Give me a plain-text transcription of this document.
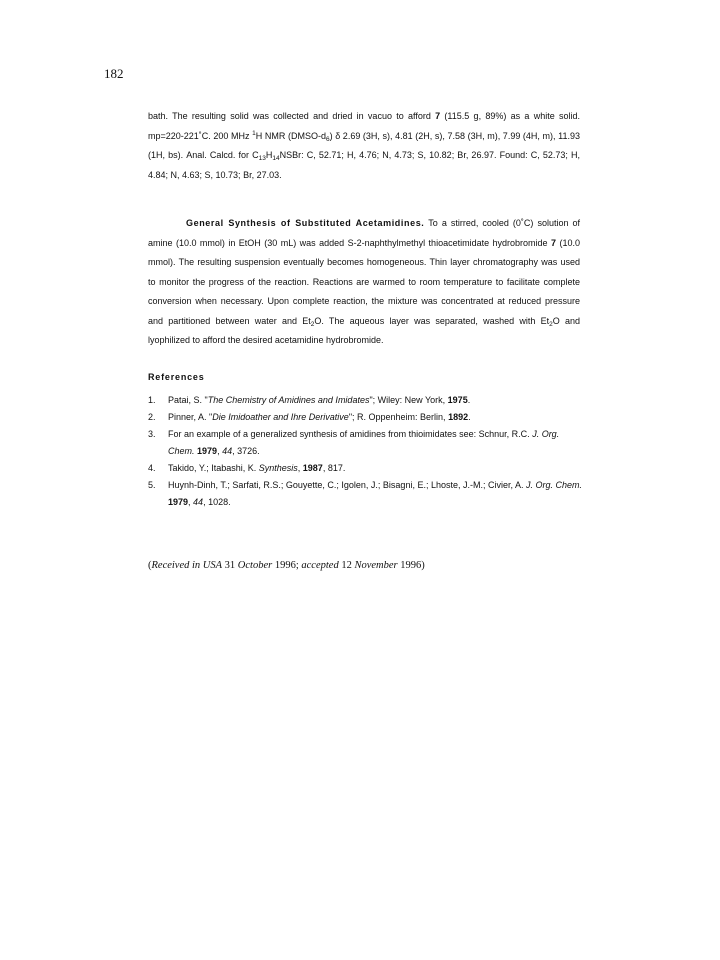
182

bath. The resulting solid was collected and dried in vacuo to afford 7 (115.5 g, 89%) as a white solid. mp=220-221˚C. 200 MHz $^1$H NMR $(DMSO-d_6)$ δ 2.69 (3H, s), 4.81 (2H, s), 7.58 (3H, m), 7.99 (4H, m), 11.93 (1H, bs). Anal. Calcd. for $C_{13}H_{14}NSBr$: C, 52.71; H, 4.76; N, 4.73; S, 10.82; Br, 26.97. Found: C, 52.73; H, 4.84; N, 4.63; S, 10.73; Br, 27.03.

General Synthesis of Substituted Acetamidines. To a stirred, cooled (0˚C) solution of amine (10.0 mmol) in EtOH (30 mL) was added S-2-naphthylmethyl thioacetimidate hydrobromide 7 (10.0 mmol). The resulting suspension eventually becomes homogeneous. Thin layer chromatography was used to monitor the progress of the reaction. Reactions are warmed to room temperature to facilitate complete conversion when necessary. Upon complete reaction, the mixture was concentrated at reduced pressure and partitioned between water and $Et_2O$. The aqueous layer was separated, washed with $Et_2O$ and lyophilized to afford the desired acetamidine hydrobromide.

References
1. Patai, S. "The Chemistry of Amidines and Imidates"; Wiley: New York, 1975.
2. Pinner, A. "Die Imidoather and Ihre Derivative"; R. Oppenheim: Berlin, 1892.
3. For an example of a generalized synthesis of amidines from thioimidates see: Schnur, R.C. J. Org. Chem. 1979, 44, 3726.
4. Takido, Y.; Itabashi, K. Synthesis, 1987, 817.
5. Huynh-Dinh, T.; Sarfati, R.S.; Gouyette, C.; Igolen, J.; Bisagni, E.; Lhoste, J.-M.; Civier, A. J. Org. Chem. 1979, 44, 1028.
(Received in USA 31 October 1996; accepted 12 November 1996)
